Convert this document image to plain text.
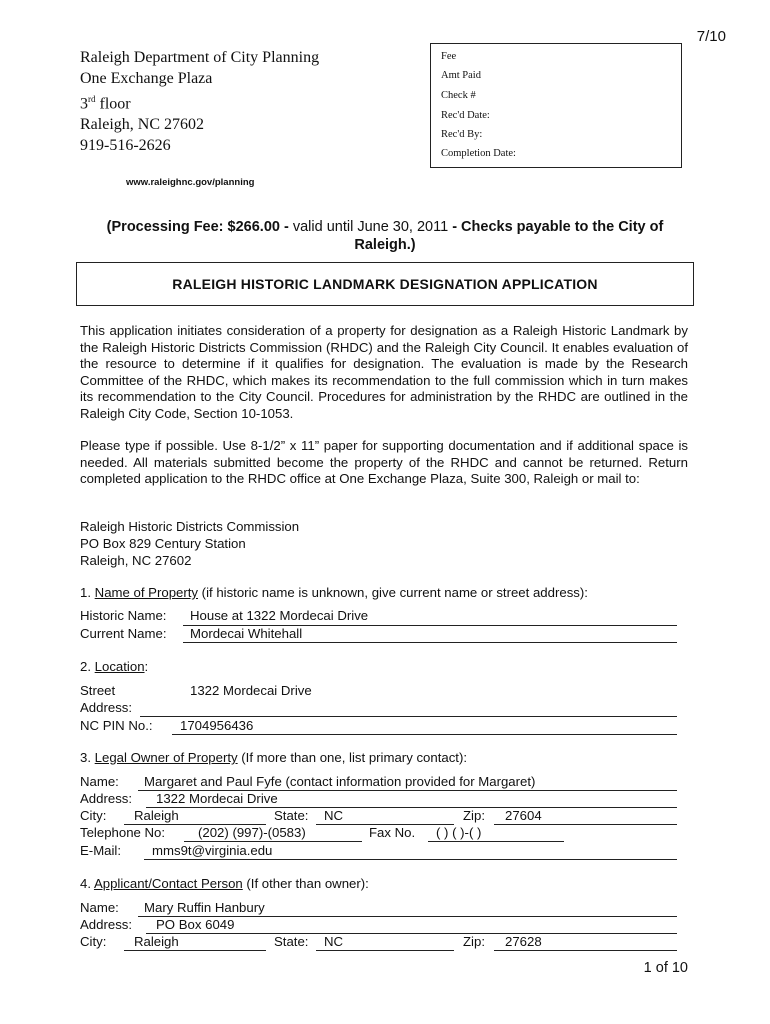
7/10
Raleigh Department of City Planning
One Exchange Plaza
3rd floor
Raleigh, NC 27602
919-516-2626
Fee
Amt Paid
Check #
Rec'd Date:
Rec'd By:
Completion Date:
www.raleighnc.gov/planning
(Processing Fee: $266.00 - valid until June 30, 2011 - Checks payable to the City of Raleigh.)
RALEIGH HISTORIC LANDMARK DESIGNATION APPLICATION
This application initiates consideration of a property for designation as a Raleigh Historic Landmark by the Raleigh Historic Districts Commission (RHDC) and the Raleigh City Council. It enables evaluation of the resource to determine if it qualifies for designation. The evaluation is made by the Research Committee of the RHDC, which makes its recommendation to the full commission which in turn makes its recommendation to the City Council. Procedures for administration by the RHDC are outlined in the Raleigh City Code, Section 10-1053.
Please type if possible. Use 8-1/2” x 11” paper for supporting documentation and if additional space is needed. All materials submitted become the property of the RHDC and cannot be returned. Return completed application to the RHDC office at One Exchange Plaza, Suite 300, Raleigh or mail to:
Raleigh Historic Districts Commission
PO Box 829 Century Station
Raleigh, NC 27602
1. Name of Property (if historic name is unknown, give current name or street address):
Historic Name: House at 1322 Mordecai Drive
Current Name: Mordecai Whitehall
2. Location:
Street
Address:
1322 Mordecai Drive
NC PIN No.: 1704956436
3. Legal Owner of Property (If more than one, list primary contact):
Name: Margaret and Paul Fyfe (contact information provided for Margaret)
Address: 1322 Mordecai Drive
City: Raleigh	State: NC	Zip: 27604
Telephone No: (202) (997)-(0583)	Fax No. ( ) ( )-( )
E-Mail: mms9t@virginia.edu
4. Applicant/Contact Person (If other than owner):
Name: Mary Ruffin Hanbury
Address: PO Box 6049
City: Raleigh	State: NC	Zip: 27628
1 of 10
